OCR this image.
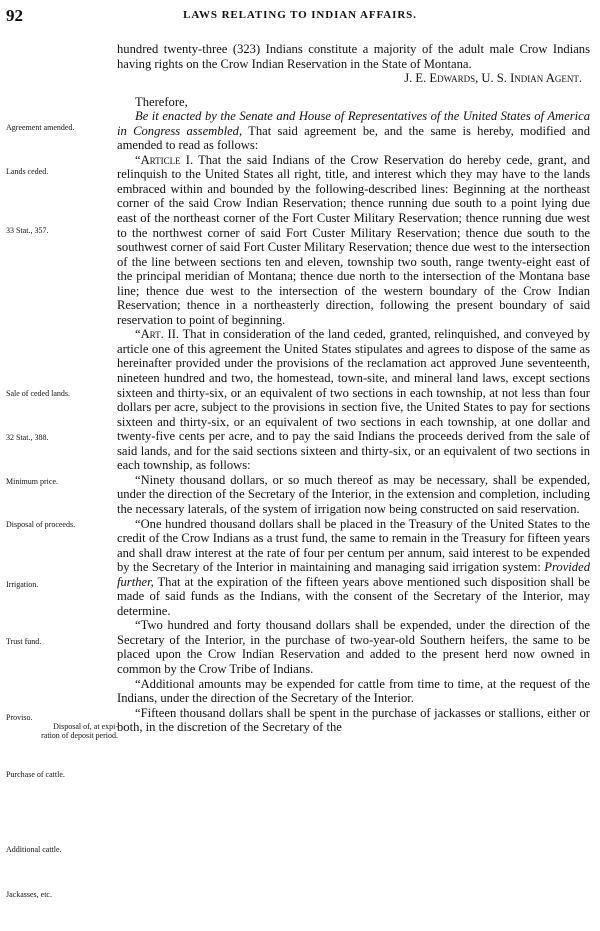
92	LAWS RELATING TO INDIAN AFFAIRS.
Agreement amended.
Lands ceded.
33 Stat., 357.
Sale of ceded lands.
32 Stat., 388.
Minimum price.
Disposal of proceeds.
Irrigation.
Trust fund.
Proviso.
Disposal of, at expi-
ration of deposit period.
Purchase of cattle.
Additional cattle.
Jackasses, etc.

hundred twenty-three (323) Indians constitute a majority of the adult male Crow Indians having rights on the Crow Indian Reservation in the State of Montana.

J. E. Edwards, U. S. Indian Agent.

Therefore,

Be it enacted by the Senate and House of Representatives of the United States of America in Congress assembled, That said agreement be, and the same is hereby, modified and amended to read as follows:

“Article I. That the said Indians of the Crow Reservation do hereby cede, grant, and relinquish to the United States all right, title, and interest which they may have to the lands embraced within and bounded by the following-described lines: Beginning at the northeast corner of the said Crow Indian Reservation; thence running due south to a point lying due east of the northeast corner of the Fort Custer Military Reservation; thence running due west to the northwest corner of said Fort Custer Military Reservation; thence due south to the southwest corner of said Fort Custer Military Reservation; thence due west to the intersection of the line between sections ten and eleven, township two south, range twenty-eight east of the principal meridian of Montana; thence due north to the intersection of the Montana base line; thence due west to the intersection of the western boundary of the Crow Indian Reservation; thence in a northeasterly direction, following the present boundary of said reservation to point of beginning.

“Art. II. That in consideration of the land ceded, granted, relinquished, and conveyed by article one of this agreement the United States stipulates and agrees to dispose of the same as hereinafter provided under the provisions of the reclamation act approved June seventeenth, nineteen hundred and two, the homestead, town-site, and mineral land laws, except sections sixteen and thirty-six, or an equivalent of two sections in each township, at not less than four dollars per acre, subject to the provisions in section five, the United States to pay for sections sixteen and thirty-six, or an equivalent of two sections in each township, at one dollar and twenty-five cents per acre, and to pay the said Indians the proceeds derived from the sale of said lands, and for the said sections sixteen and thirty-six, or an equivalent of two sections in each township, as follows:

“Ninety thousand dollars, or so much thereof as may be necessary, shall be expended, under the direction of the Secretary of the Interior, in the extension and completion, including the necessary laterals, of the system of irrigation now being constructed on said reservation.

“One hundred thousand dollars shall be placed in the Treasury of the United States to the credit of the Crow Indians as a trust fund, the same to remain in the Treasury for fifteen years and shall draw interest at the rate of four per centum per annum, said interest to be expended by the Secretary of the Interior in maintaining and managing said irrigation system: Provided further, That at the expiration of the fifteen years above mentioned such disposition shall be made of said funds as the Indians, with the consent of the Secretary of the Interior, may determine.

“Two hundred and forty thousand dollars shall be expended, under the direction of the Secretary of the Interior, in the purchase of two-year-old Southern heifers, the same to be placed upon the Crow Indian Reservation and added to the present herd now owned in common by the Crow Tribe of Indians.

“Additional amounts may be expended for cattle from time to time, at the request of the Indians, under the direction of the Secretary of the Interior.

“Fifteen thousand dollars shall be spent in the purchase of jackasses or stallions, either or both, in the discretion of the Secretary of the
